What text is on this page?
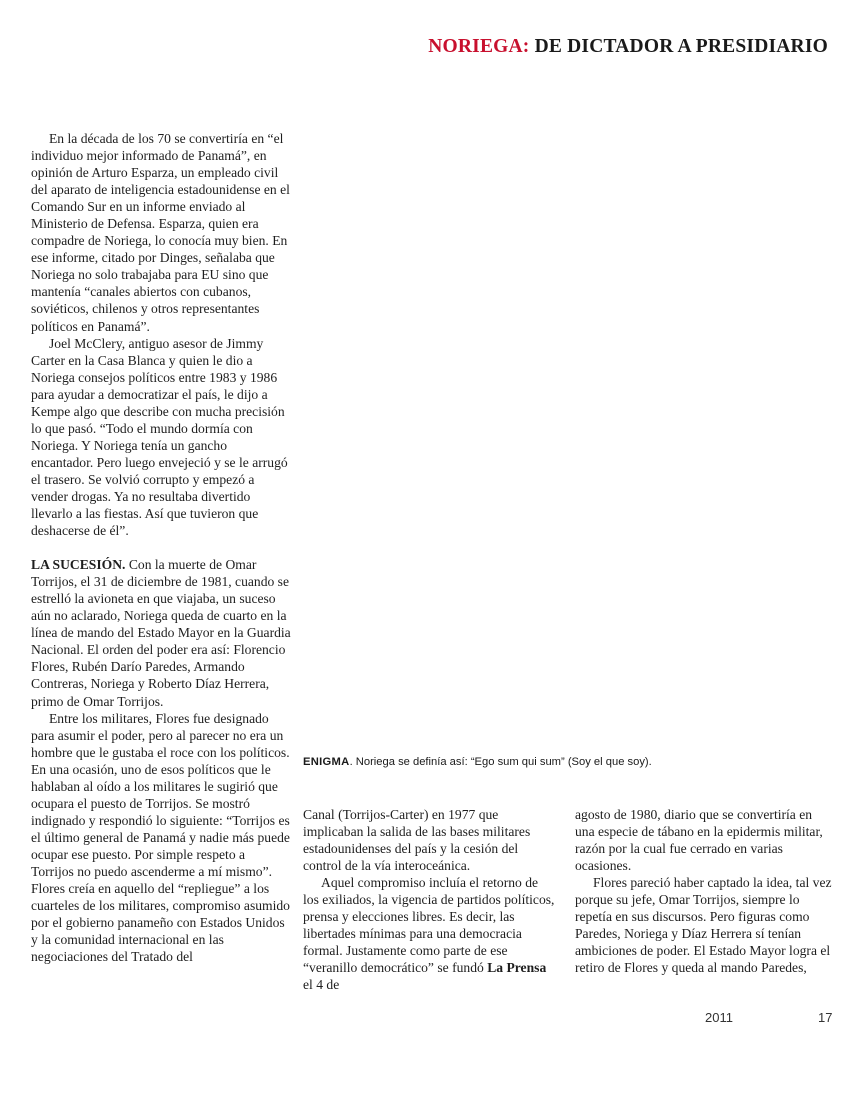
NORIEGA: DE DICTADOR A PRESIDIARIO

En la década de los 70 se convertiría en “el individuo mejor informado de Panamá”, en opinión de Arturo Esparza, un empleado civil del aparato de inteligencia estadounidense en el Comando Sur en un informe enviado al Ministerio de Defensa. Esparza, quien era compadre de Noriega, lo conocía muy bien. En ese informe, citado por Dinges, señalaba que Noriega no solo trabajaba para EU sino que mantenía “canales abiertos con cubanos, soviéticos, chilenos y otros representantes políticos en Panamá”.

Joel McClery, antiguo asesor de Jimmy Carter en la Casa Blanca y quien le dio a Noriega consejos políticos entre 1983 y 1986 para ayudar a democratizar el país, le dijo a Kempe algo que describe con mucha precisión lo que pasó. “Todo el mundo dormía con Noriega. Y Noriega tenía un gancho encantador. Pero luego envejeció y se le arrugó el trasero. Se volvió corrupto y empezó a vender drogas. Ya no resultaba divertido llevarlo a las fiestas. Así que tuvieron que deshacerse de él”.

LA SUCESIÓN. Con la muerte de Omar Torrijos, el 31 de diciembre de 1981, cuando se estrelló la avioneta en que viajaba, un suceso aún no aclarado, Noriega queda de cuarto en la línea de mando del Estado Mayor en la Guardia Nacional. El orden del poder era así: Florencio Flores, Rubén Darío Paredes, Armando Contreras, Noriega y Roberto Díaz Herrera, primo de Omar Torrijos.

Entre los militares, Flores fue designado para asumir el poder, pero al parecer no era un hombre que le gustaba el roce con los políticos. En una ocasión, uno de esos políticos que le hablaban al oído a los militares le sugirió que ocupara el puesto de Torrijos. Se mostró indignado y respondió lo siguiente: “Torrijos es el último general de Panamá y nadie más puede ocupar ese puesto. Por simple respeto a Torrijos no puedo ascenderme a mí mismo”. Flores creía en aquello del “repliegue” a los cuarteles de los militares, compromiso asumido por el gobierno panameño con Estados Unidos y la comunidad internacional en las negociaciones del Tratado del

ENIGMA. Noriega se definía así: “Ego sum qui sum” (Soy el que soy).

Canal (Torrijos-Carter) en 1977 que implicaban la salida de las bases militares estadounidenses del país y la cesión del control de la vía interoceánica.

Aquel compromiso incluía el retorno de los exiliados, la vigencia de partidos políticos, prensa y elecciones libres. Es decir, las libertades mínimas para una democracia formal. Justamente como parte de ese “veranillo democrático” se fundó La Prensa el 4 de

agosto de 1980, diario que se convertiría en una especie de tábano en la epidermis militar, razón por la cual fue cerrado en varias ocasiones.

Flores pareció haber captado la idea, tal vez porque su jefe, Omar Torrijos, siempre lo repetía en sus discursos. Pero figuras como Paredes, Noriega y Díaz Herrera sí tenían ambiciones de poder. El Estado Mayor logra el retiro de Flores y queda al mando Paredes,

2011	17
